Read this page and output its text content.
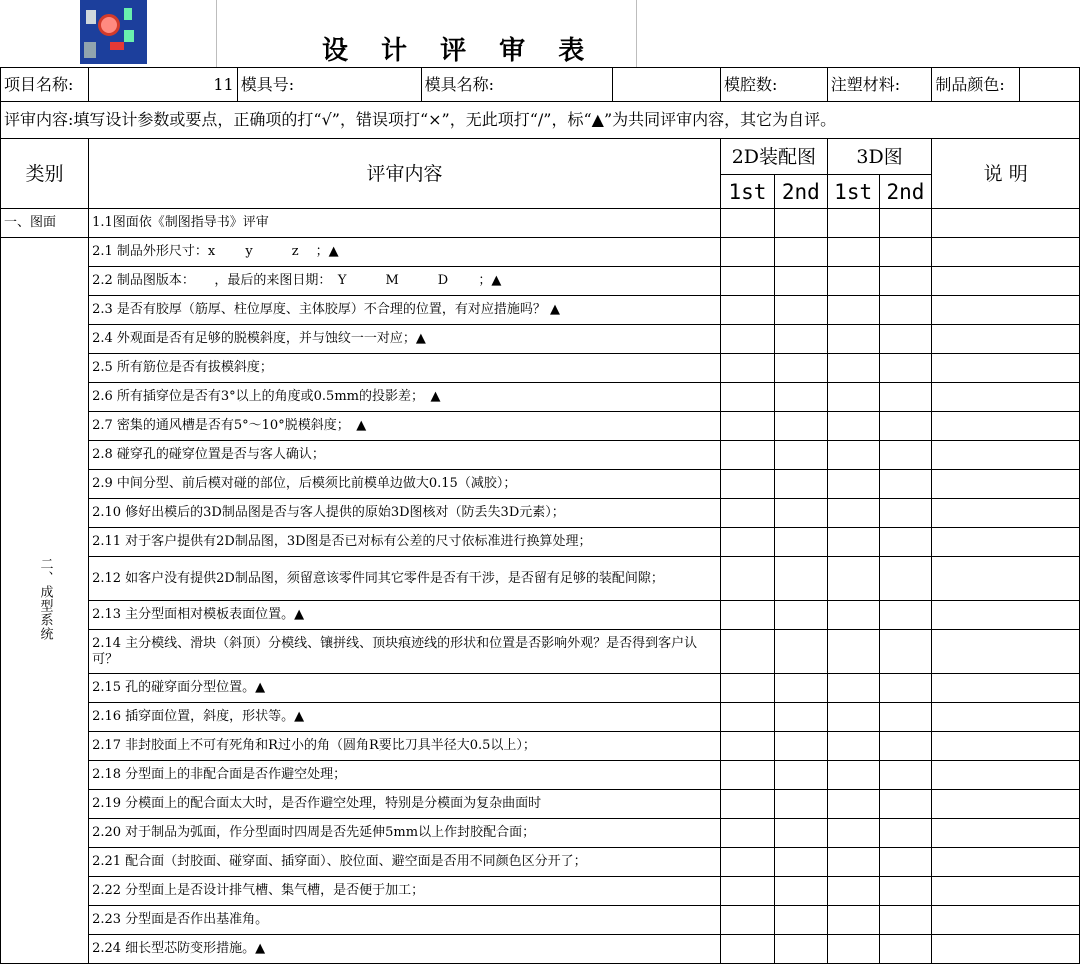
设 计 评 审 表
项目名称:	11	模具号:	模具名称:		模腔数:		注塑材料:		制品颜色:	
评审内容:填写设计参数或要点，正确项的打“√”，错误项打“×”，无此项打“/”，标“▲”为共同评审内容，其它为自评。										
类别	评审内容				2D装配图		3D图		说 明	
					1st	2nd	1st	2nd		
一、图面	1.1图面依《制图指导书》评审									
二、成型系统	2.1 制品外形尺寸：x　　 y　　　z　 ；▲									
	2.2 制品图版本：　　，最后的来图日期：　Y　　　M　　　D　　 ；▲									
	2.3 是否有胶厚（筋厚、柱位厚度、主体胶厚）不合理的位置，有对应措施吗？ ▲									
	2.4 外观面是否有足够的脱模斜度，并与蚀纹一一对应；▲									
	2.5 所有筋位是否有拔模斜度；									
	2.6 所有插穿位是否有3°以上的角度或0.5mm的投影差；　▲									
	2.7 密集的通风槽是否有5°～10°脱模斜度；　▲									
	2.8 碰穿孔的碰穿位置是否与客人确认；									
	2.9 中间分型、前后模对碰的部位，后模须比前模单边做大0.15（减胶）；									
	2.10 修好出模后的3D制品图是否与客人提供的原始3D图核对（防丢失3D元素）；									
	2.11 对于客户提供有2D制品图，3D图是否已对标有公差的尺寸依标准进行换算处理；									
	2.12 如客户没有提供2D制品图，须留意该零件同其它零件是否有干涉，是否留有足够的装配间隙；									
	2.13 主分型面相对模板表面位置。▲									
	2.14 主分模线、滑块（斜顶）分模线、镶拼线、顶块痕迹线的形状和位置是否影响外观？是否得到客户认可？									
	2.15 孔的碰穿面分型位置。▲									
	2.16 插穿面位置，斜度，形状等。▲									
	2.17 非封胶面上不可有死角和R过小的角（圆角R要比刀具半径大0.5以上）；									
	2.18 分型面上的非配合面是否作避空处理；									
	2.19 分模面上的配合面太大时，是否作避空处理，特别是分模面为复杂曲面时									
	2.20 对于制品为弧面，作分型面时四周是否先延伸5mm以上作封胶配合面；									
	2.21 配合面（封胶面、碰穿面、插穿面）、胶位面、避空面是否用不同颜色区分开了；									
	2.22 分型面上是否设计排气槽、集气槽，是否便于加工；									
	2.23 分型面是否作出基准角。									
	2.24 细长型芯防变形措施。▲									
